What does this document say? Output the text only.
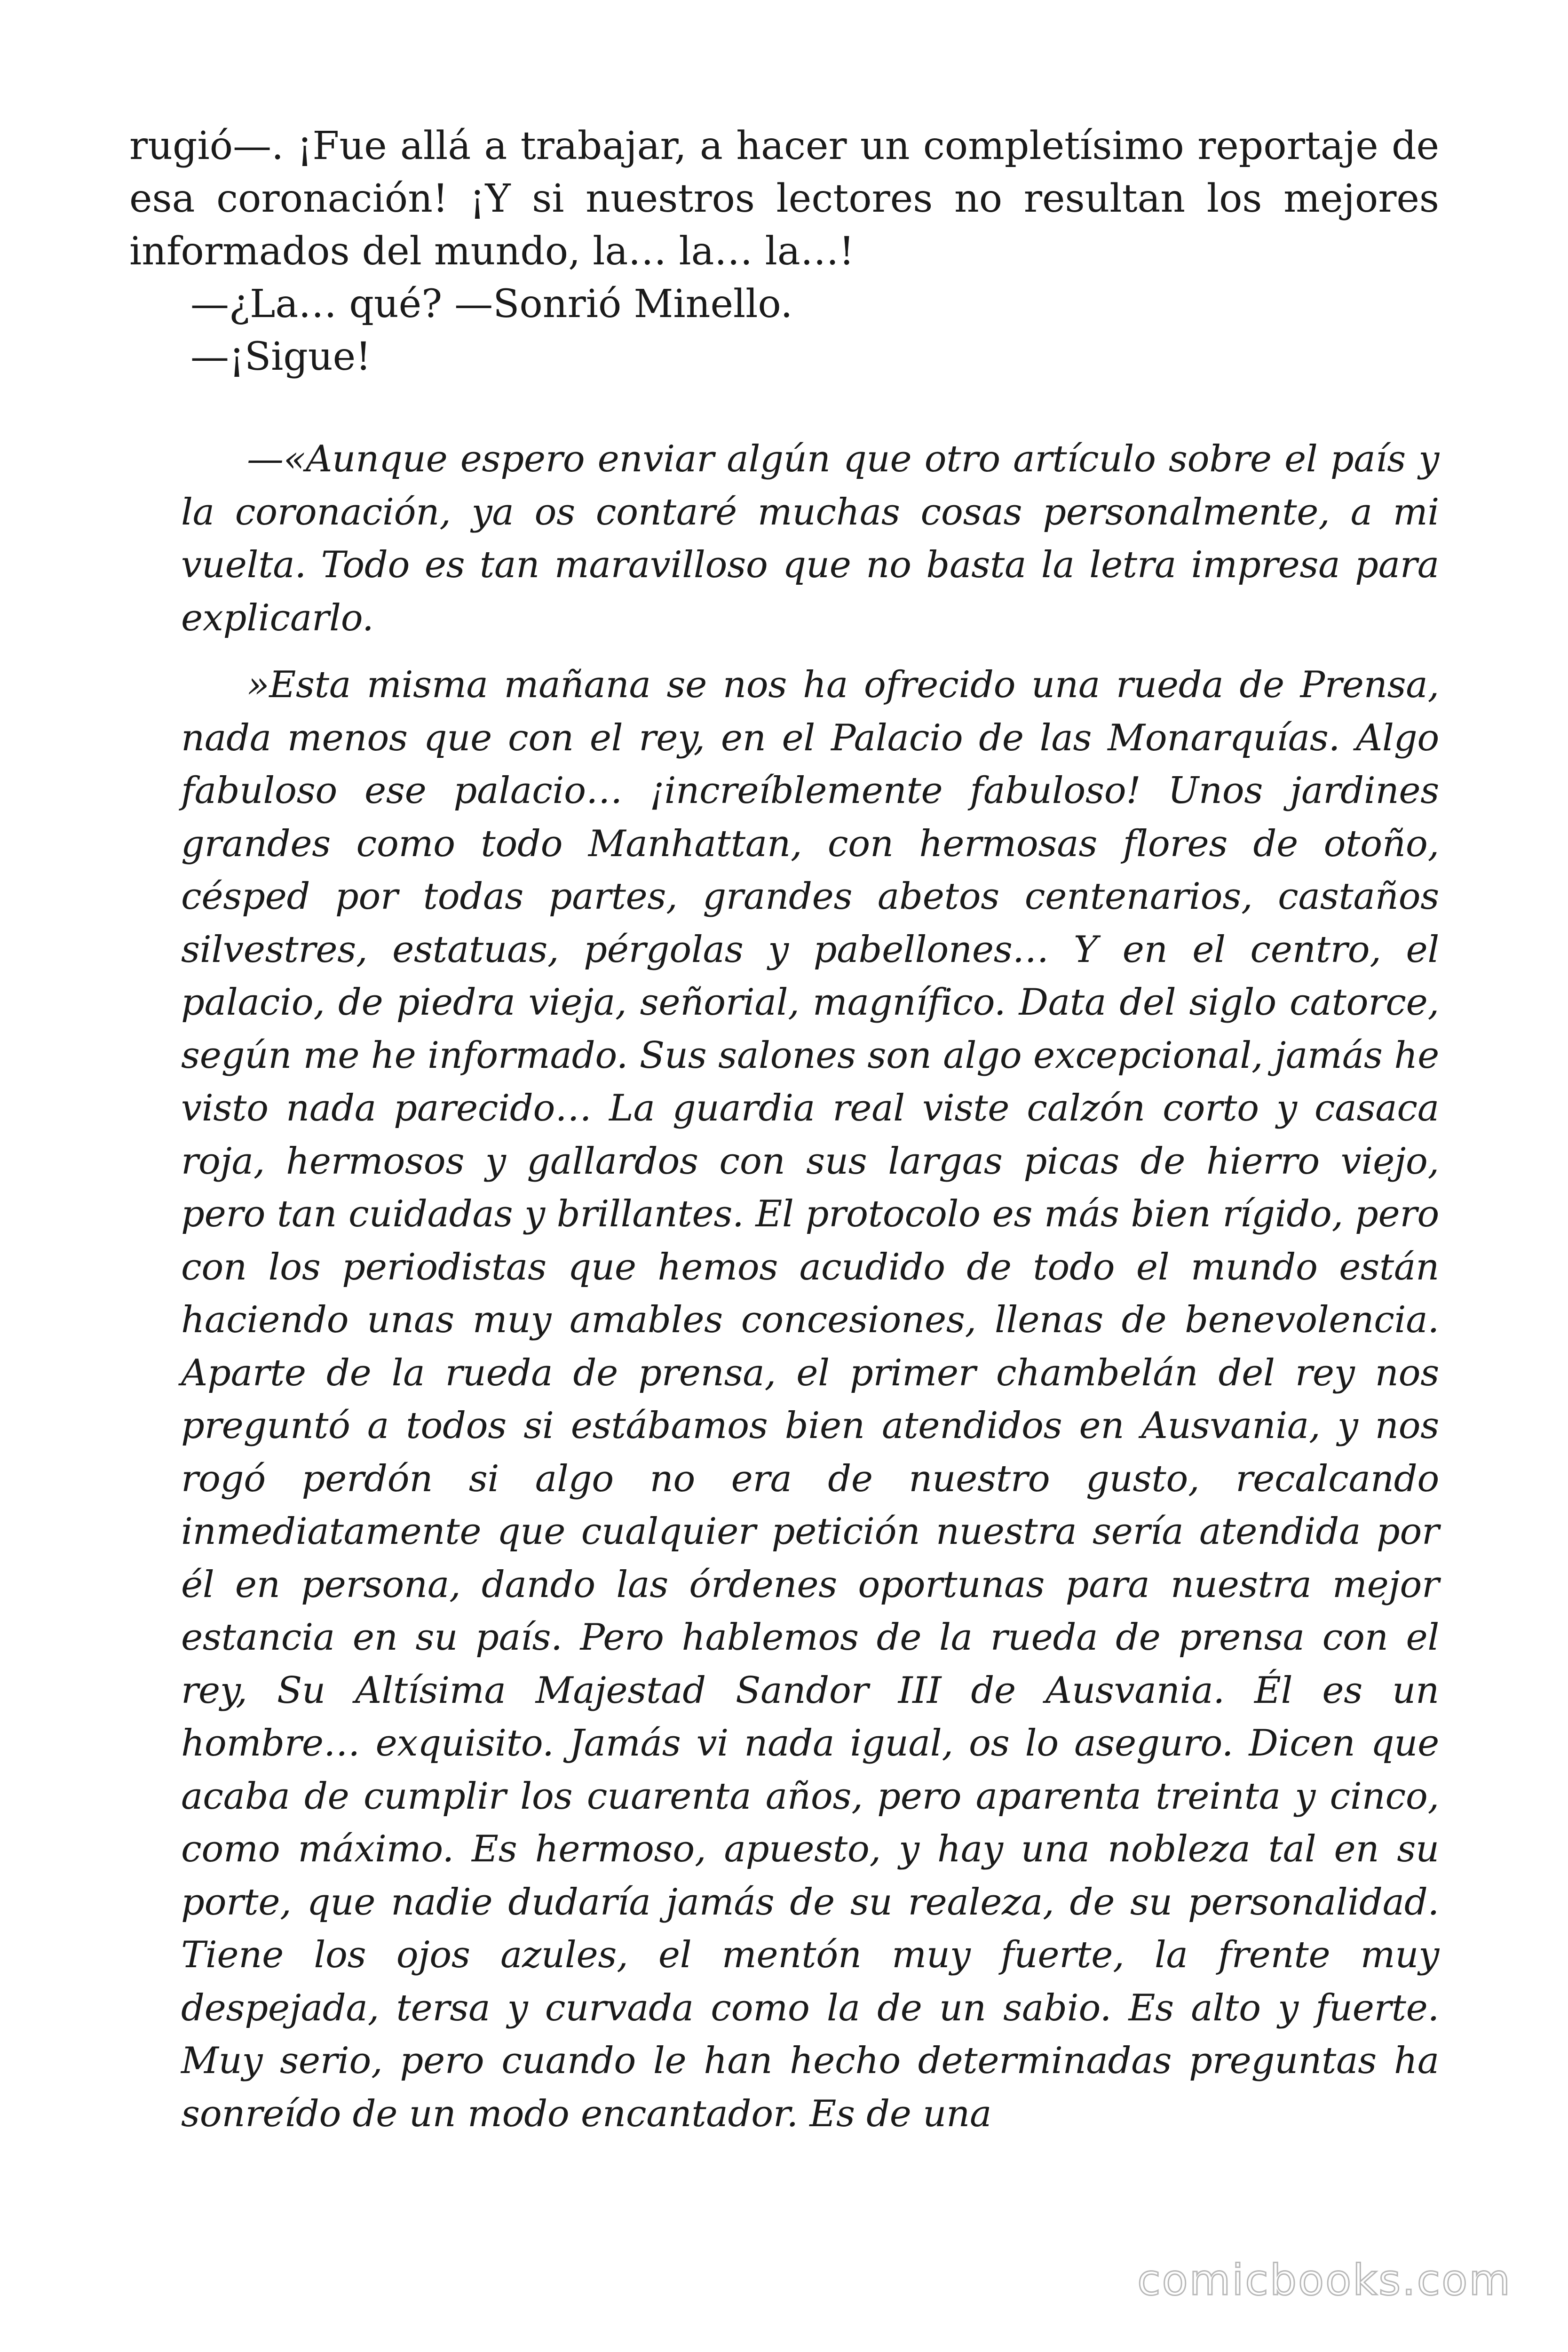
rugió—. ¡Fue allá a trabajar, a hacer un completísimo reportaje de esa coronación! ¡Y si nuestros lectores no resultan los mejores informados del mundo, la… la… la…!

—¿La… qué? —Sonrió Minello.

—¡Sigue!

—«Aunque espero enviar algún que otro artículo sobre el país y la coronación, ya os contaré muchas cosas personalmente, a mi vuelta. Todo es tan maravilloso que no basta la letra impresa para explicarlo.

»Esta misma mañana se nos ha ofrecido una rueda de Prensa, nada menos que con el rey, en el Palacio de las Monarquías. Algo fabuloso ese palacio… ¡increíblemente fabuloso! Unos jardines grandes como todo Manhattan, con hermosas flores de otoño, césped por todas partes, grandes abetos centenarios, castaños silvestres, estatuas, pérgolas y pabellones… Y en el centro, el palacio, de piedra vieja, señorial, magnífico. Data del siglo catorce, según me he informado. Sus salones son algo excepcional, jamás he visto nada parecido… La guardia real viste calzón corto y casaca roja, hermosos y gallardos con sus largas picas de hierro viejo, pero tan cuidadas y brillantes. El protocolo es más bien rígido, pero con los periodistas que hemos acudido de todo el mundo están haciendo unas muy amables concesiones, llenas de benevolencia. Aparte de la rueda de prensa, el primer chambelán del rey nos preguntó a todos si estábamos bien atendidos en Ausvania, y nos rogó perdón si algo no era de nuestro gusto, recalcando inmediatamente que cualquier petición nuestra sería atendida por él en persona, dando las órdenes oportunas para nuestra mejor estancia en su país. Pero hablemos de la rueda de prensa con el rey, Su Altísima Majestad Sandor III de Ausvania. Él es un hombre… exquisito. Jamás vi nada igual, os lo aseguro. Dicen que acaba de cumplir los cuarenta años, pero aparenta treinta y cinco, como máximo. Es hermoso, apuesto, y hay una nobleza tal en su porte, que nadie dudaría jamás de su realeza, de su personalidad. Tiene los ojos azules, el mentón muy fuerte, la frente muy despejada, tersa y curvada como la de un sabio. Es alto y fuerte. Muy serio, pero cuando le han hecho determinadas preguntas ha sonreído de un modo encantador. Es de una

comicbooks.com
